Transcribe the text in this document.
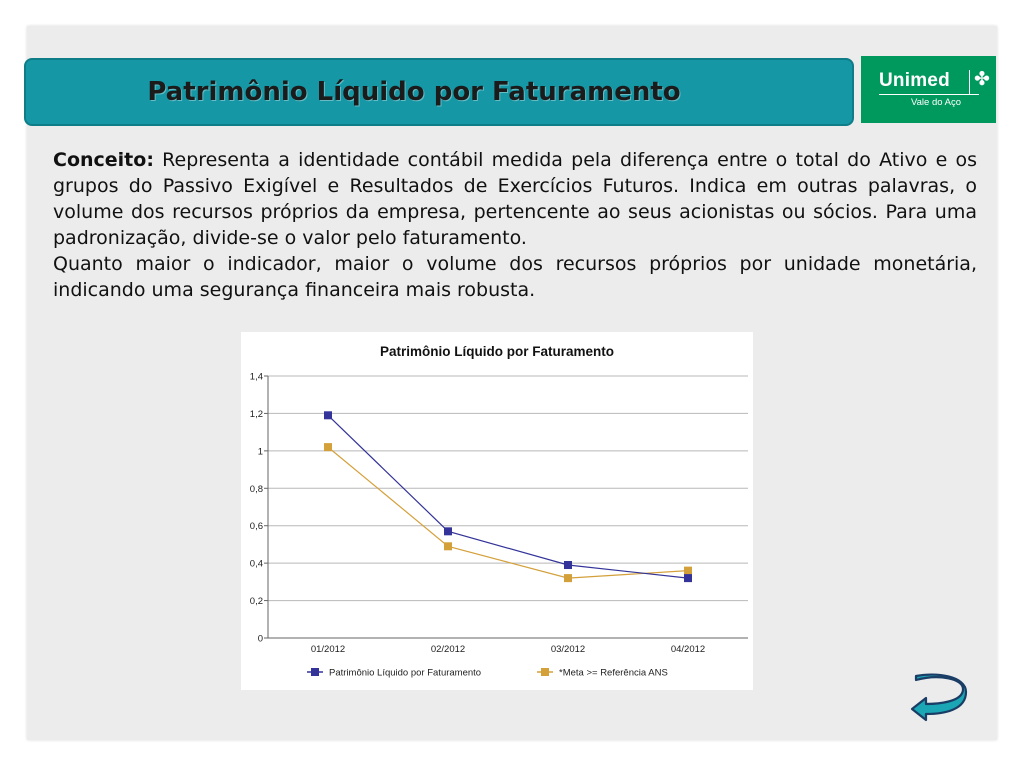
Patrimônio Líquido por Faturamento	Unimed ✤
Vale do Aço

Conceito: Representa a identidade contábil medida pela diferença entre o total do Ativo e os grupos do Passivo Exigível e Resultados de Exercícios Futuros. Indica em outras palavras, o volume dos recursos próprios da empresa, pertencente ao seus acionistas ou sócios. Para uma padronização, divide-se o valor pelo faturamento.

Quanto maior o indicador, maior o volume dos recursos próprios por unidade monetária, indicando uma segurança financeira mais robusta.

Patrimônio Líquido por Faturamento
0
0,2
0,4
0,6
0,8
1
1,2
1,4
01/2012	02/2012	03/2012	04/2012
Patrimônio Líquido por Faturamento	*Meta >= Referência ANS
